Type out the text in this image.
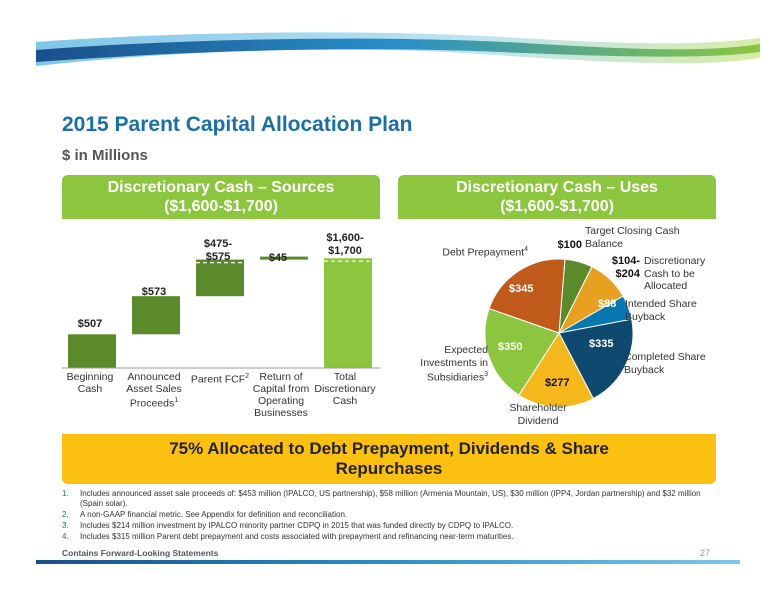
2015 Parent Capital Allocation Plan
$ in Millions
Discretionary Cash – Sources
($1,600-$1,700)
Discretionary Cash – Uses
($1,600-$1,700)
$507
$573
$475-
$575	$45
$1,600-
$1,700
Beginning Cash
Announced Asset Sales Proceeds$^1$
Parent FCF$^2$ Return of Capital from Operating Businesses
Total Discretionary Cash
$100
$104-
$204
$88
$335
$277
$350
$345
Target Closing Cash Balance
Discretionary Cash to be Allocated
Intended Share Buyback
Completed Share Buyback
Shareholder Dividend
Expected Investments in Subsidiaries$^3$
Debt Prepayment$^4$
75% Allocated to Debt Prepayment, Dividends & Share
Repurchases
1. Includes announced asset sale proceeds of: $453 million (IPALCO, US partnership), $58 million (Armenia Mountain, US), $30 million (IPP4, Jordan partnership) and $32 million (Spain solar).
2. A non-GAAP financial metric. See Appendix for definition and reconciliation.
3. Includes $214 million investment by IPALCO minority partner CDPQ in 2015 that was funded directly by CDPQ to IPALCO.
4. Includes $315 million Parent debt prepayment and costs associated with prepayment and refinancing near-term maturities.
Contains Forward-Looking Statements	27
